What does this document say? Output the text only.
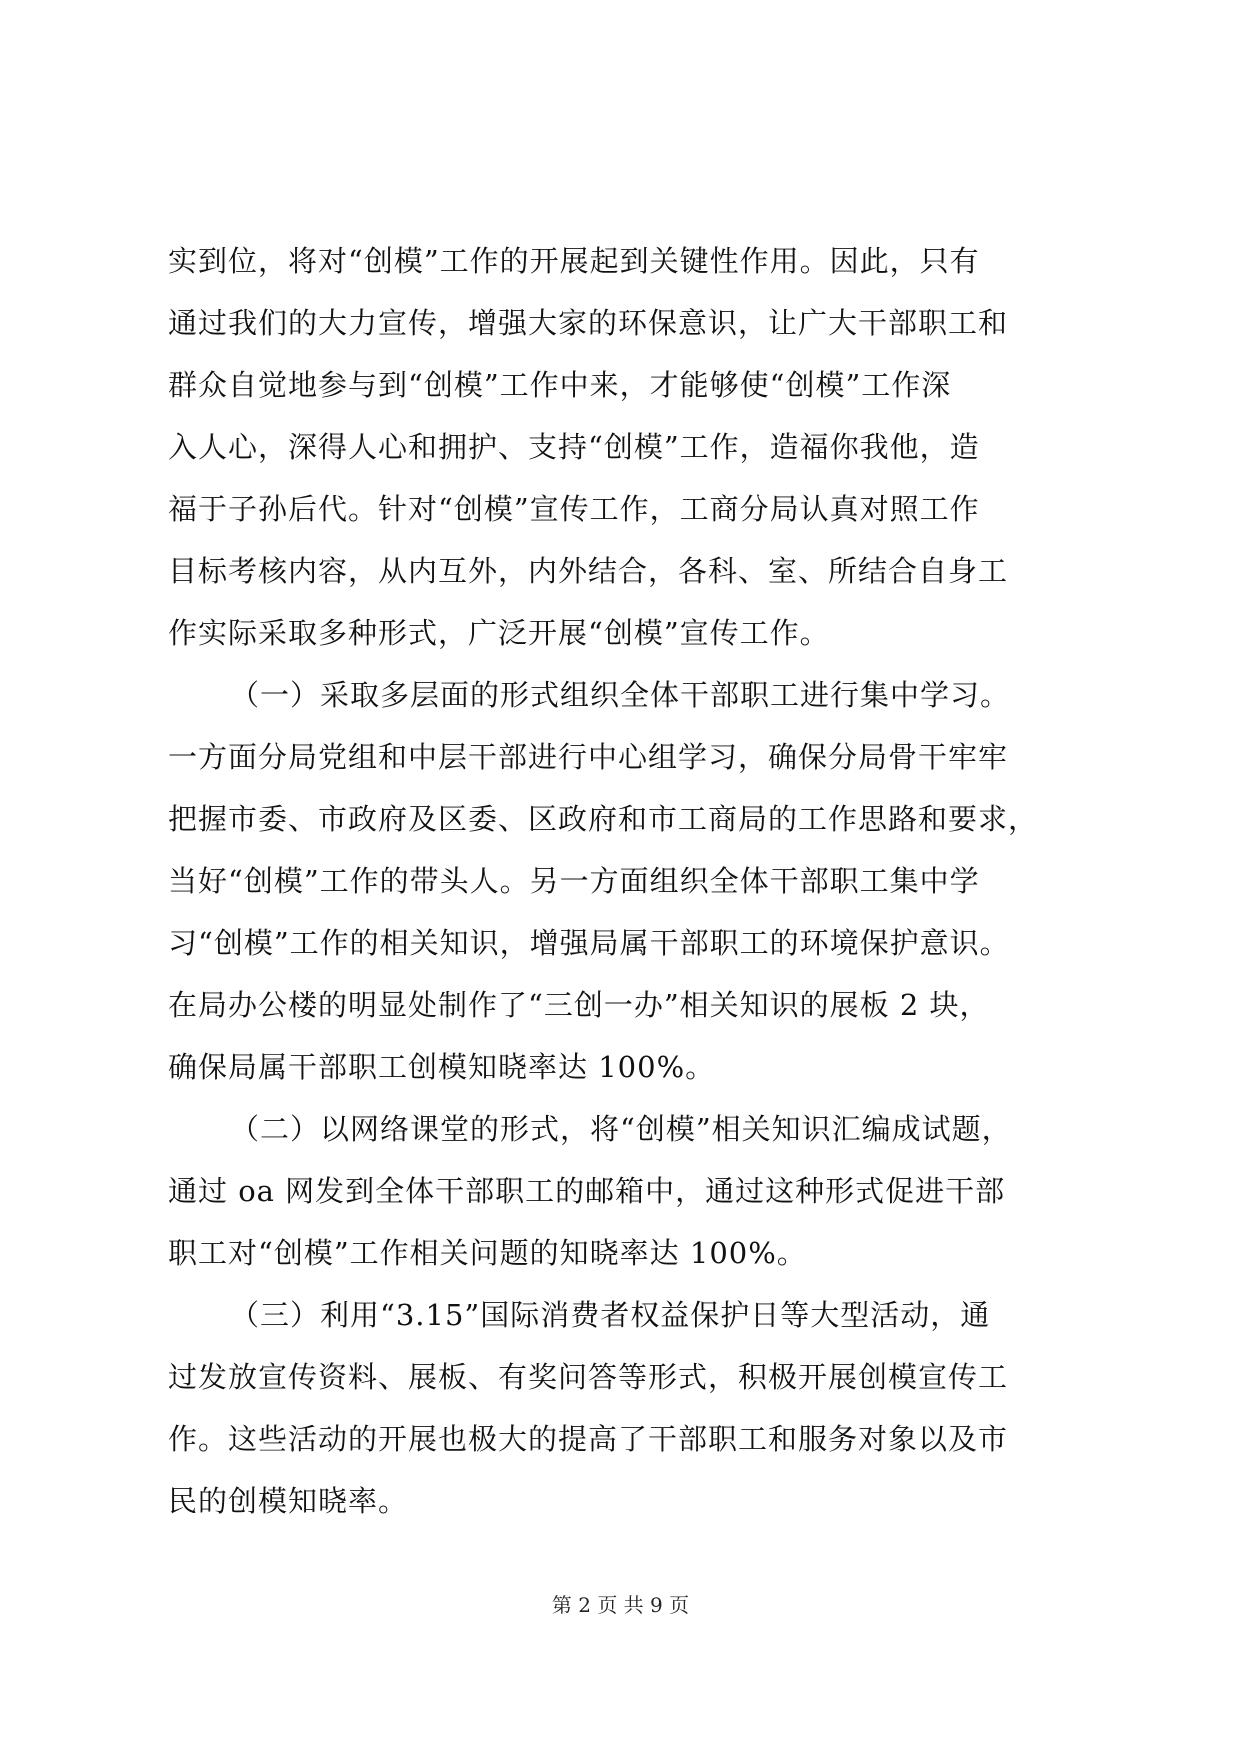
实到位，将对“创模”工作的开展起到关键性作用。因此，只有
通过我们的大力宣传，增强大家的环保意识，让广大干部职工和
群众自觉地参与到“创模”工作中来，才能够使“创模”工作深
入人心，深得人心和拥护、支持“创模”工作，造福你我他，造
福于子孙后代。针对“创模”宣传工作，工商分局认真对照工作
目标考核内容，从内互外，内外结合，各科、室、所结合自身工
作实际采取多种形式，广泛开展“创模”宣传工作。
（一）采取多层面的形式组织全体干部职工进行集中学习。
一方面分局党组和中层干部进行中心组学习，确保分局骨干牢牢
把握市委、市政府及区委、区政府和市工商局的工作思路和要求，
当好“创模”工作的带头人。另一方面组织全体干部职工集中学
习“创模”工作的相关知识，增强局属干部职工的环境保护意识。
在局办公楼的明显处制作了“三创一办”相关知识的展板 2 块，
确保局属干部职工创模知晓率达 100%。
（二）以网络课堂的形式，将“创模”相关知识汇编成试题，
通过 oa 网发到全体干部职工的邮箱中，通过这种形式促进干部
职工对“创模”工作相关问题的知晓率达 100%。
（三）利用“3.15”国际消费者权益保护日等大型活动，通
过发放宣传资料、展板、有奖问答等形式，积极开展创模宣传工
作。这些活动的开展也极大的提高了干部职工和服务对象以及市
民的创模知晓率。
第 2 页 共 9 页
